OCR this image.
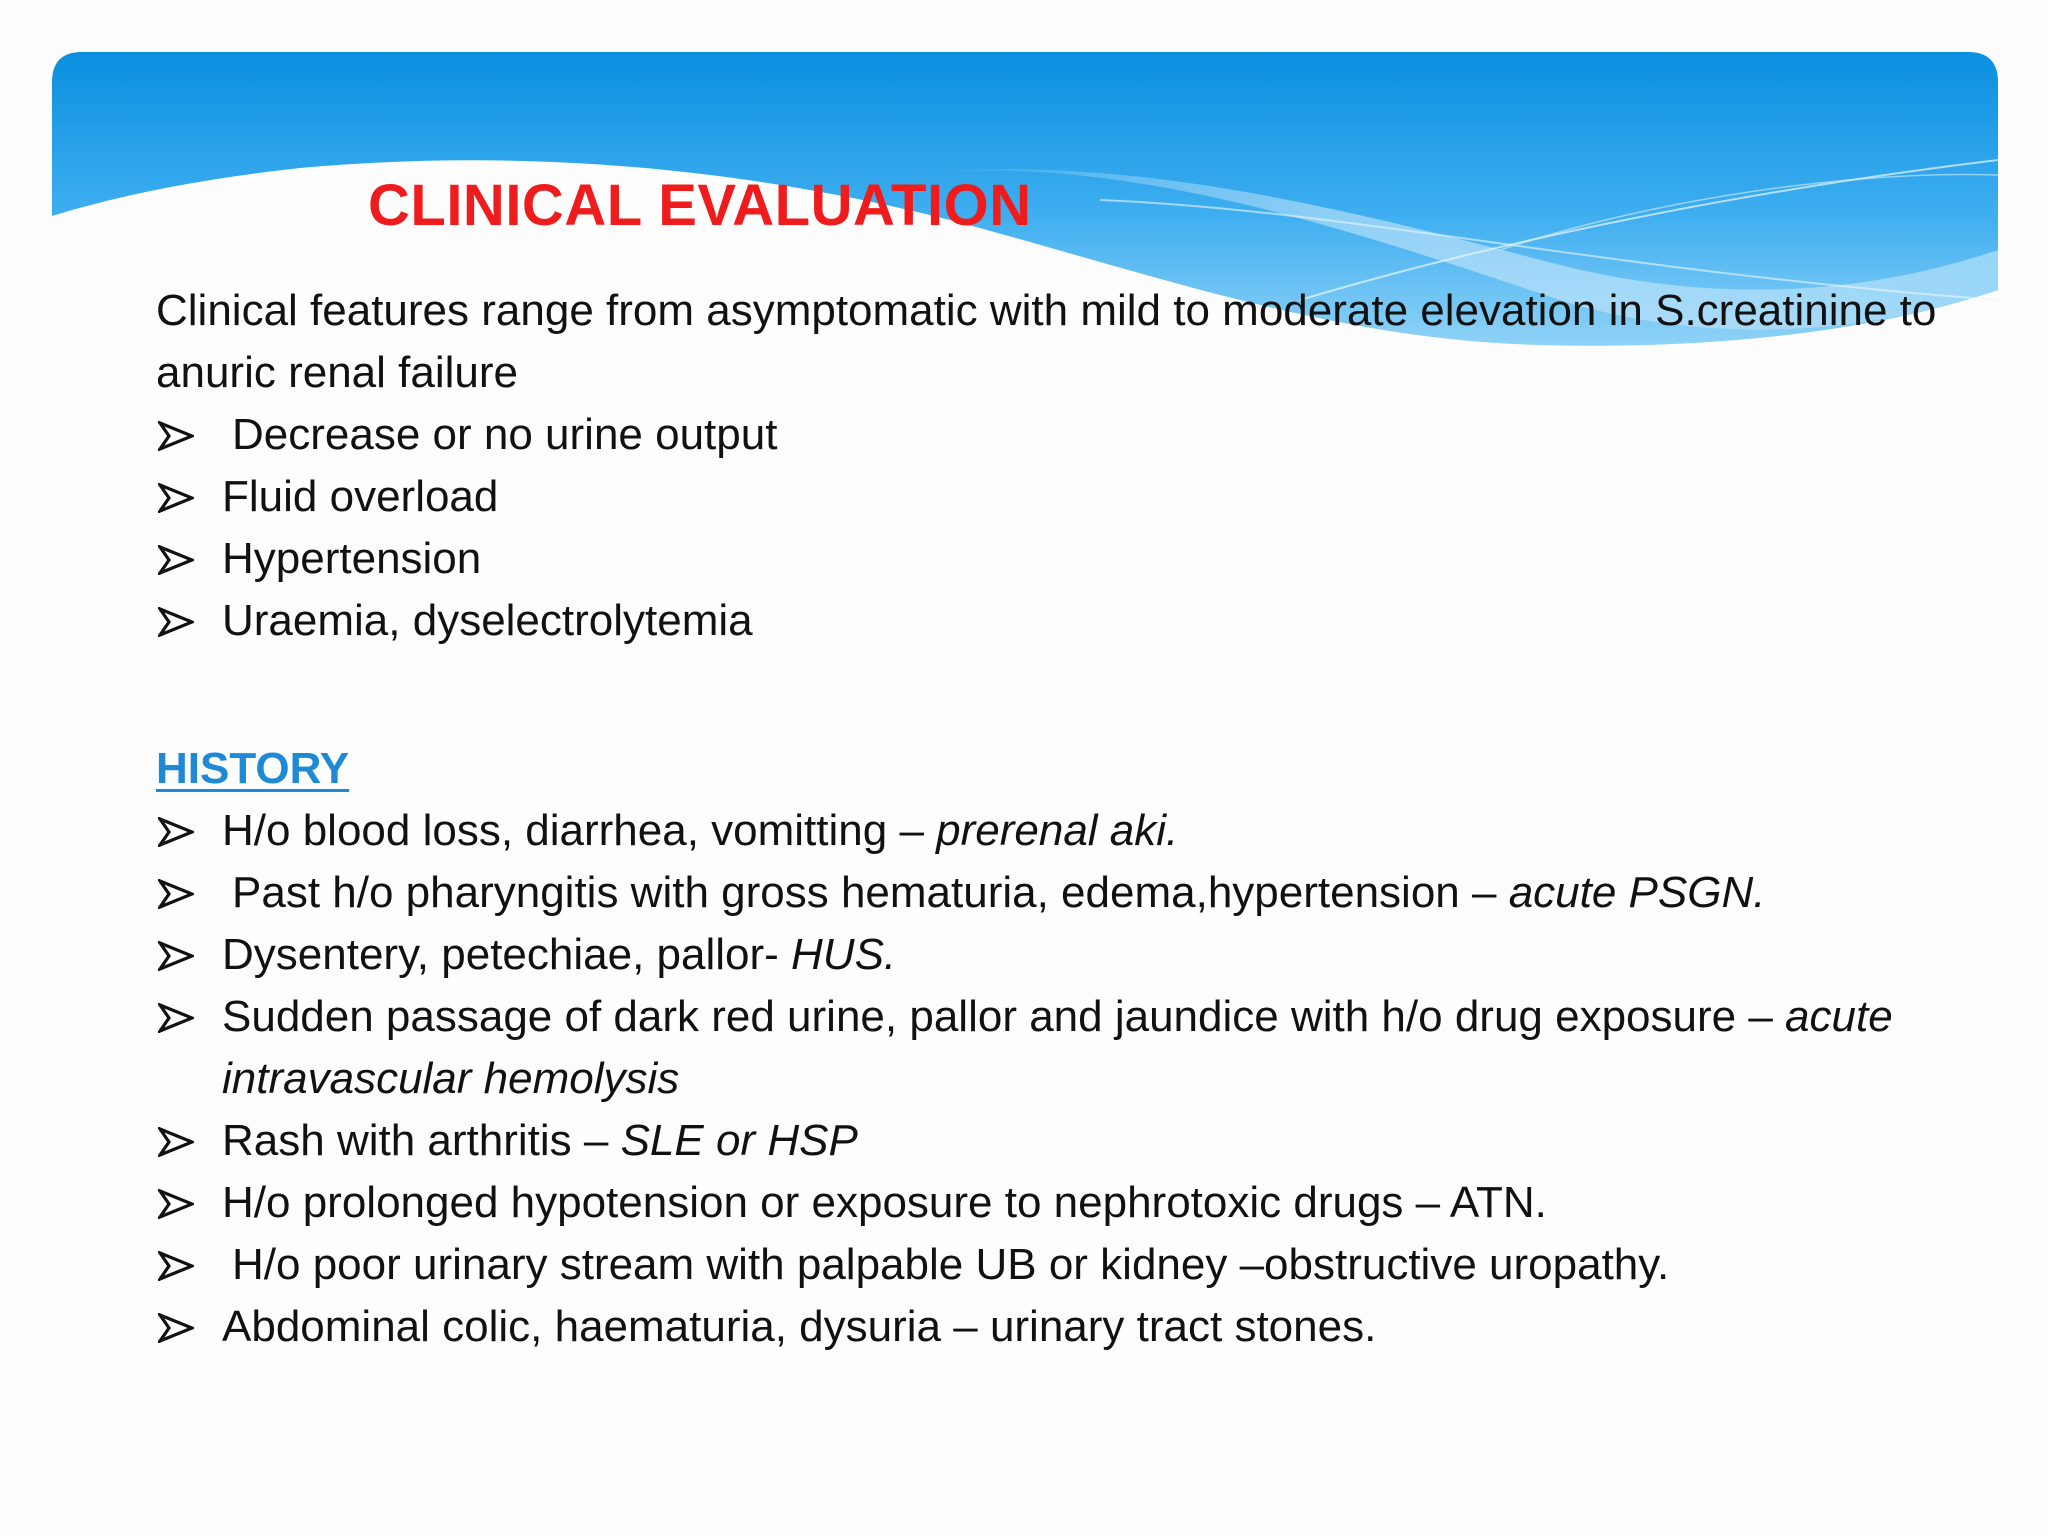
CLINICAL EVALUATION

Clinical features range from asymptomatic with mild to moderate elevation in S.creatinine to anuric renal failure

Decrease or no urine output
Fluid overload
Hypertension
Uraemia, dyselectrolytemia

HISTORY

H/o blood loss, diarrhea, vomitting – prerenal aki.
Past h/o pharyngitis with gross hematuria, edema,hypertension – acute PSGN.
Dysentery, petechiae, pallor- HUS.
Sudden passage of dark red urine, pallor and jaundice with h/o drug exposure – acute intravascular hemolysis
Rash with arthritis – SLE or HSP
H/o prolonged hypotension or exposure to nephrotoxic drugs – ATN.
H/o poor urinary stream with palpable UB or kidney –obstructive uropathy.
Abdominal colic, haematuria, dysuria – urinary tract stones.
